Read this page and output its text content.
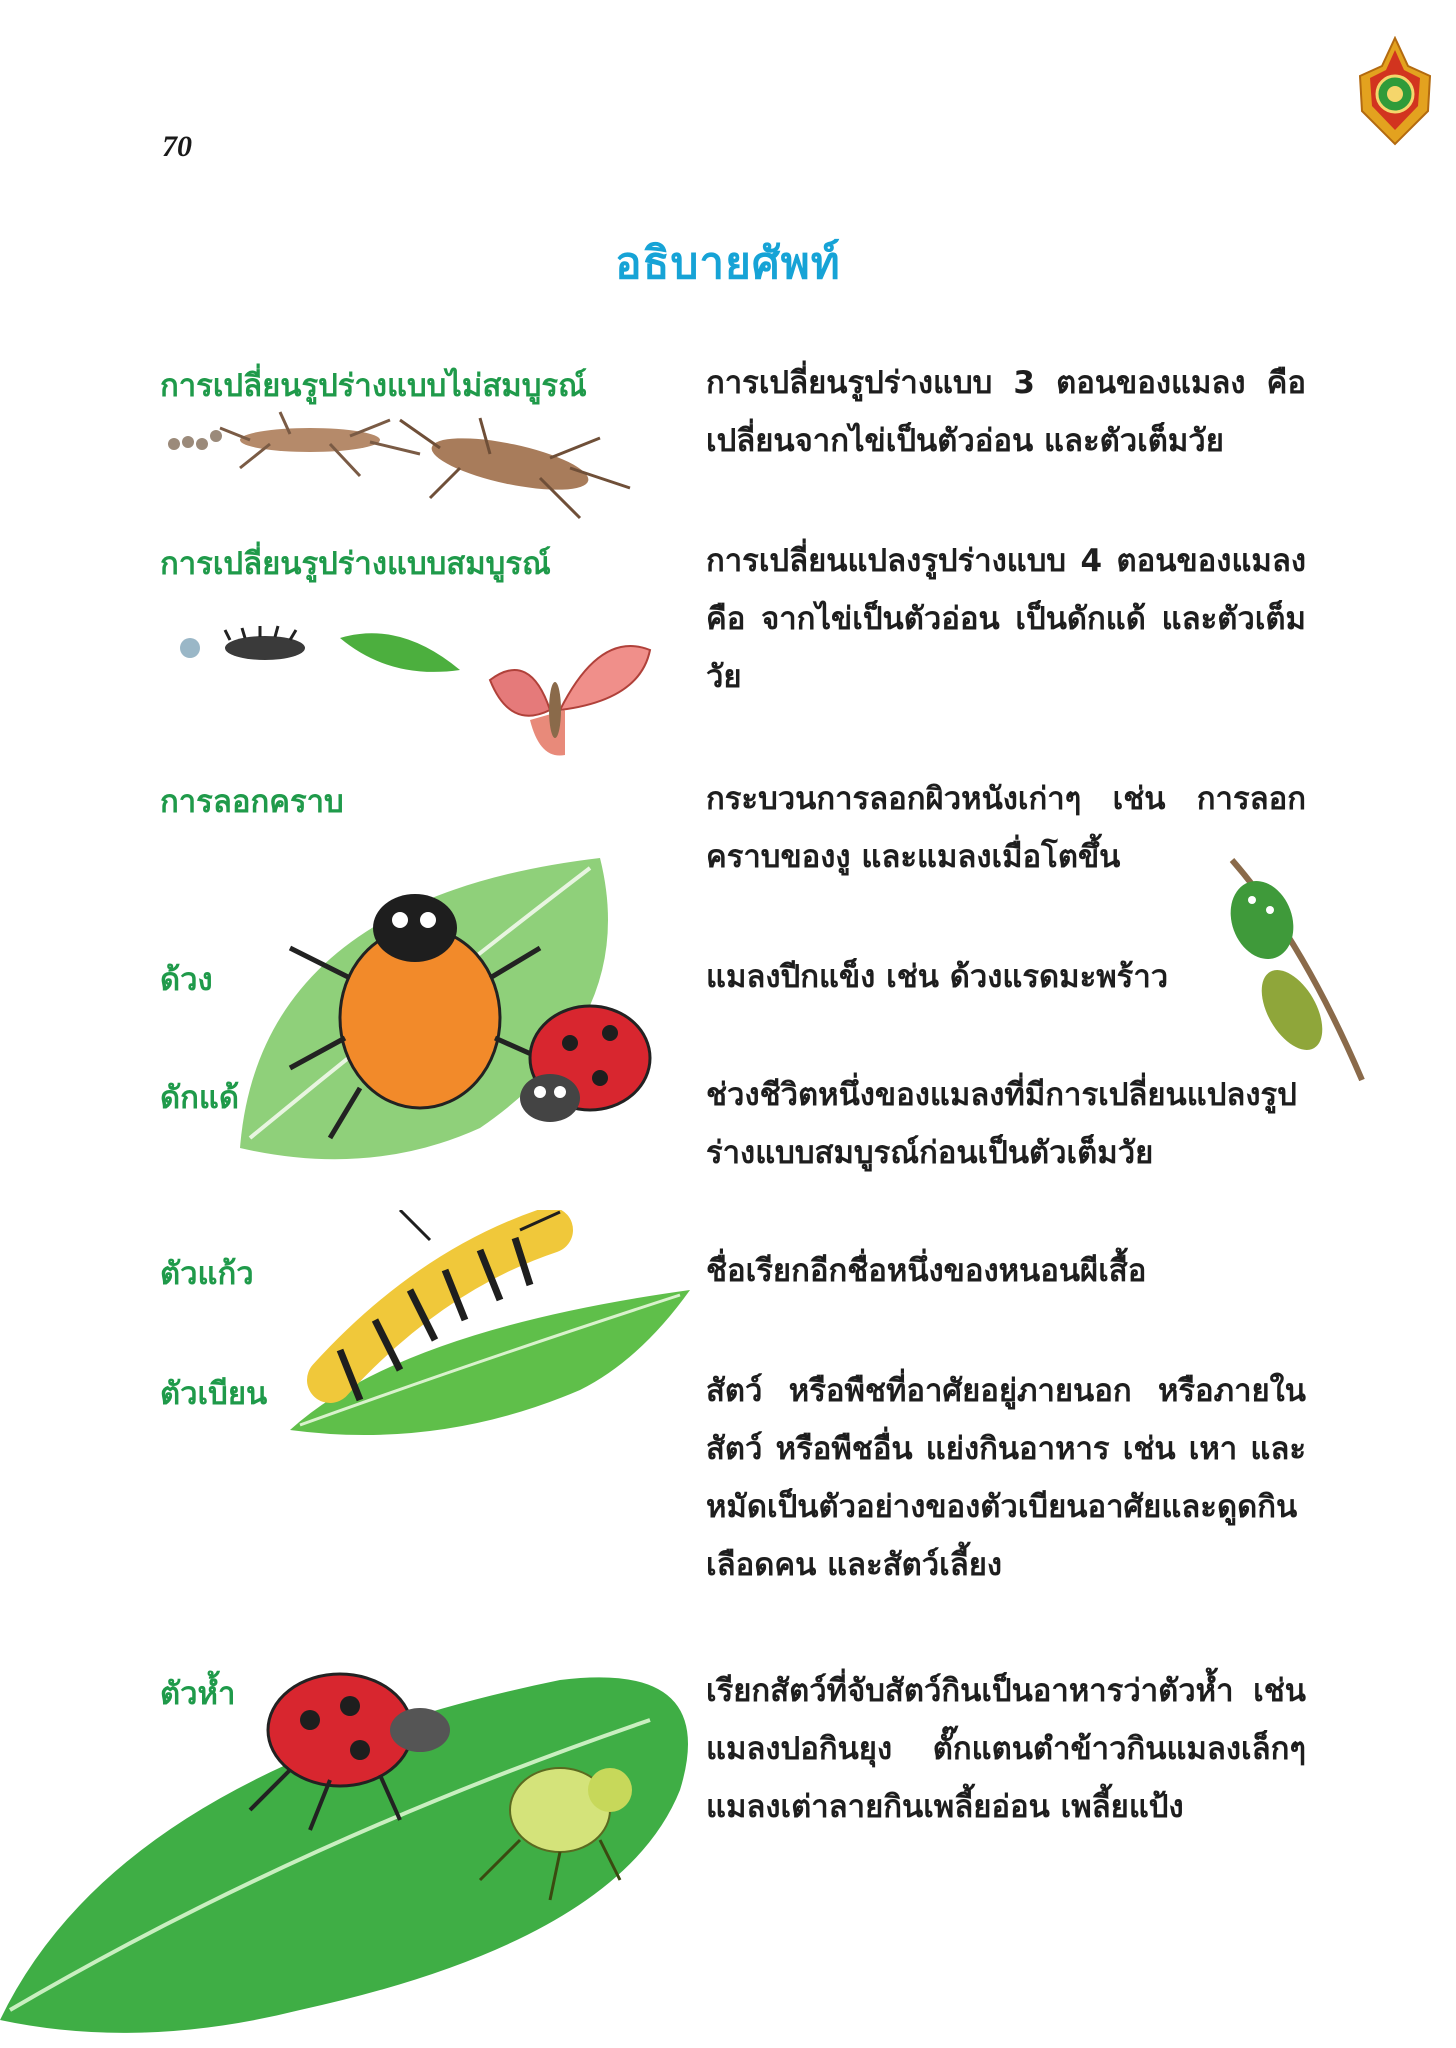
70
อธิบายศัพท์
การเปลี่ยนรูปร่างแบบไม่สมบูรณ์	การเปลี่ยนรูปร่างแบบ 3 ตอนของแมลง คือ เปลี่ยนจากไข่เป็นตัวอ่อน และตัวเต็มวัย
การเปลี่ยนรูปร่างแบบสมบูรณ์	การเปลี่ยนแปลงรูปร่างแบบ 4 ตอนของแมลง คือ จากไข่เป็นตัวอ่อน เป็นดักแด้ และตัวเต็มวัย
การลอกคราบ	กระบวนการลอกผิวหนังเก่าๆ เช่น การลอกคราบของงู และแมลงเมื่อโตขึ้น
ด้วง	แมลงปีกแข็ง เช่น ด้วงแรดมะพร้าว
ดักแด้	ช่วงชีวิตหนึ่งของแมลงที่มีการเปลี่ยนแปลงรูปร่างแบบสมบูรณ์ก่อนเป็นตัวเต็มวัย
ตัวแก้ว	ชื่อเรียกอีกชื่อหนึ่งของหนอนผีเสื้อ
ตัวเบียน	สัตว์ หรือพืชที่อาศัยอยู่ภายนอก หรือภายในสัตว์ หรือพืชอื่น แย่งกินอาหาร เช่น เหา และหมัดเป็นตัวอย่างของตัวเบียนอาศัยและดูดกินเลือดคน และสัตว์เลี้ยง
ตัวห้ำ	เรียกสัตว์ที่จับสัตว์กินเป็นอาหารว่าตัวห้ำ เช่น แมลงปอกินยุง ตั๊กแตนตำข้าวกินแมลงเล็กๆ แมลงเต่าลายกินเพลี้ยอ่อน เพลี้ยแป้ง
